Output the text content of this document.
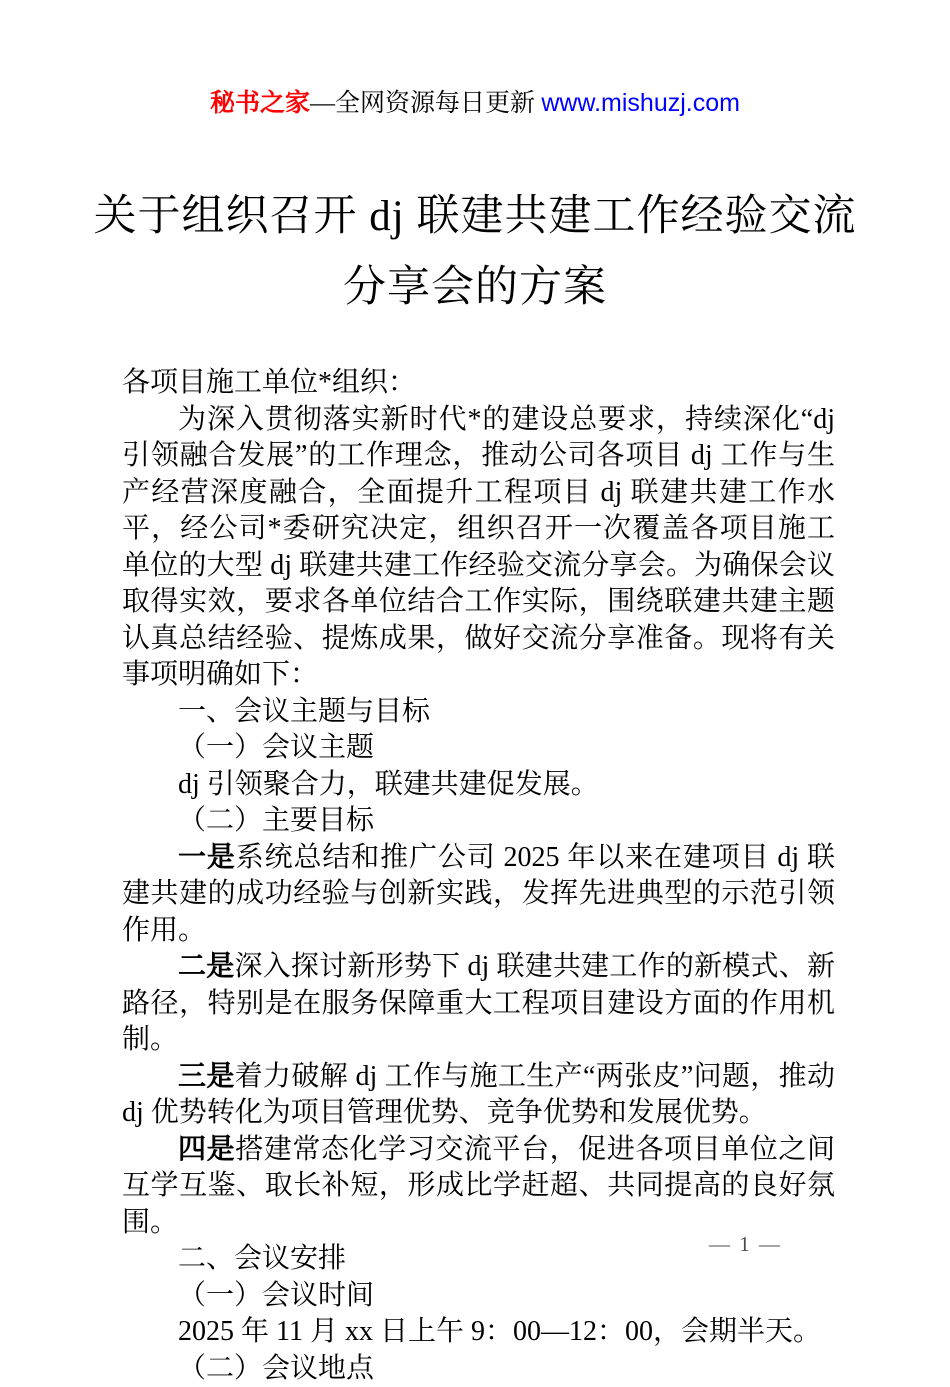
秘书之家—全网资源每日更新 www.mishuzj.com
关于组织召开 dj 联建共建工作经验交流
分享会的方案

各项目施工单位*组织：

为深入贯彻落实新时代*的建设总要求，持续深化“dj 引领融合发展”的工作理念，推动公司各项目 dj 工作与生产经营深度融合，全面提升工程项目 dj 联建共建工作水平，经公司*委研究决定，组织召开一次覆盖各项目施工单位的大型 dj 联建共建工作经验交流分享会。为确保会议取得实效，要求各单位结合工作实际，围绕联建共建主题认真总结经验、提炼成果，做好交流分享准备。现将有关事项明确如下：

一、会议主题与目标

（一）会议主题

dj 引领聚合力，联建共建促发展。

（二）主要目标

一是系统总结和推广公司 2025 年以来在建项目 dj 联建共建的成功经验与创新实践，发挥先进典型的示范引领作用。

二是深入探讨新形势下 dj 联建共建工作的新模式、新路径，特别是在服务保障重大工程项目建设方面的作用机制。

三是着力破解 dj 工作与施工生产“两张皮”问题，推动 dj 优势转化为项目管理优势、竞争优势和发展优势。

四是搭建常态化学习交流平台，促进各项目单位之间互学互鉴、取长补短，形成比学赶超、共同提高的良好氛围。

二、会议安排

（一）会议时间

2025 年 11 月 xx 日上午 9：00—12：00，会期半天。

（二）会议地点

— 1 —
